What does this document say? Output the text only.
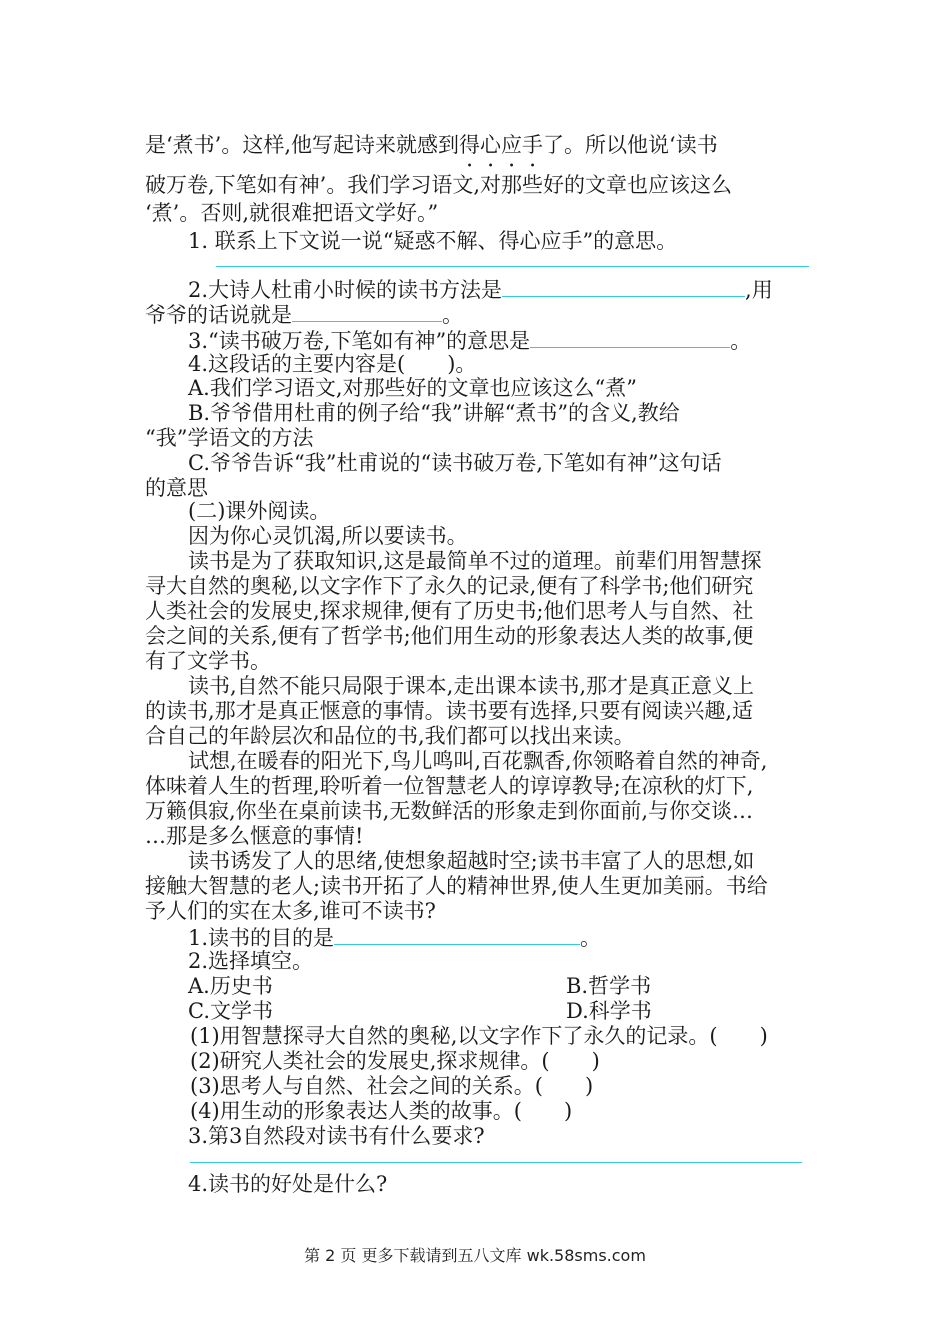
是‘煮书’。这样,他写起诗来就感到得心应手了。所以他说‘读书
破万卷,下笔如有神’。我们学习语文,对那些好的文章也应该这么
‘煮’。否则,就很难把语文学好。”
1. 联系上下文说一说“疑惑不解、得心应手”的意思。
2.大诗人杜甫小时候的读书方法是	,用
爷爷的话说就是	。
3.“读书破万卷,下笔如有神”的意思是	。
4.这段话的主要内容是(　　)。
A.我们学习语文,对那些好的文章也应该这么“煮”
B.爷爷借用杜甫的例子给“我”讲解“煮书”的含义,教给
“我”学语文的方法
C.爷爷告诉“我”杜甫说的“读书破万卷,下笔如有神”这句话
的意思
(二)课外阅读。
因为你心灵饥渴,所以要读书。
读书是为了获取知识,这是最简单不过的道理。前辈们用智慧探
寻大自然的奥秘,以文字作下了永久的记录,便有了科学书;他们研究
人类社会的发展史,探求规律,便有了历史书;他们思考人与自然、社
会之间的关系,便有了哲学书;他们用生动的形象表达人类的故事,便
有了文学书。
读书,自然不能只局限于课本,走出课本读书,那才是真正意义上
的读书,那才是真正惬意的事情。读书要有选择,只要有阅读兴趣,适
合自己的年龄层次和品位的书,我们都可以找出来读。
试想,在暖春的阳光下,鸟儿鸣叫,百花飘香,你领略着自然的神奇,
体味着人生的哲理,聆听着一位智慧老人的谆谆教导;在凉秋的灯下,
万籁俱寂,你坐在桌前读书,无数鲜活的形象走到你面前,与你交谈…
…那是多么惬意的事情!
读书诱发了人的思绪,使想象超越时空;读书丰富了人的思想,如
接触大智慧的老人;读书开拓了人的精神世界,使人生更加美丽。书给
予人们的实在太多,谁可不读书?
1.读书的目的是	。
2.选择填空。
A.历史书	B.哲学书
C.文学书	D.科学书
(1)用智慧探寻大自然的奥秘,以文字作下了永久的记录。(　　)
(2)研究人类社会的发展史,探求规律。(　　)
(3)思考人与自然、社会之间的关系。(　　)
(4)用生动的形象表达人类的故事。(　　)
3.第3自然段对读书有什么要求?
4.读书的好处是什么?
第 2 页 更多下载请到五八文库 wk.58sms.com
